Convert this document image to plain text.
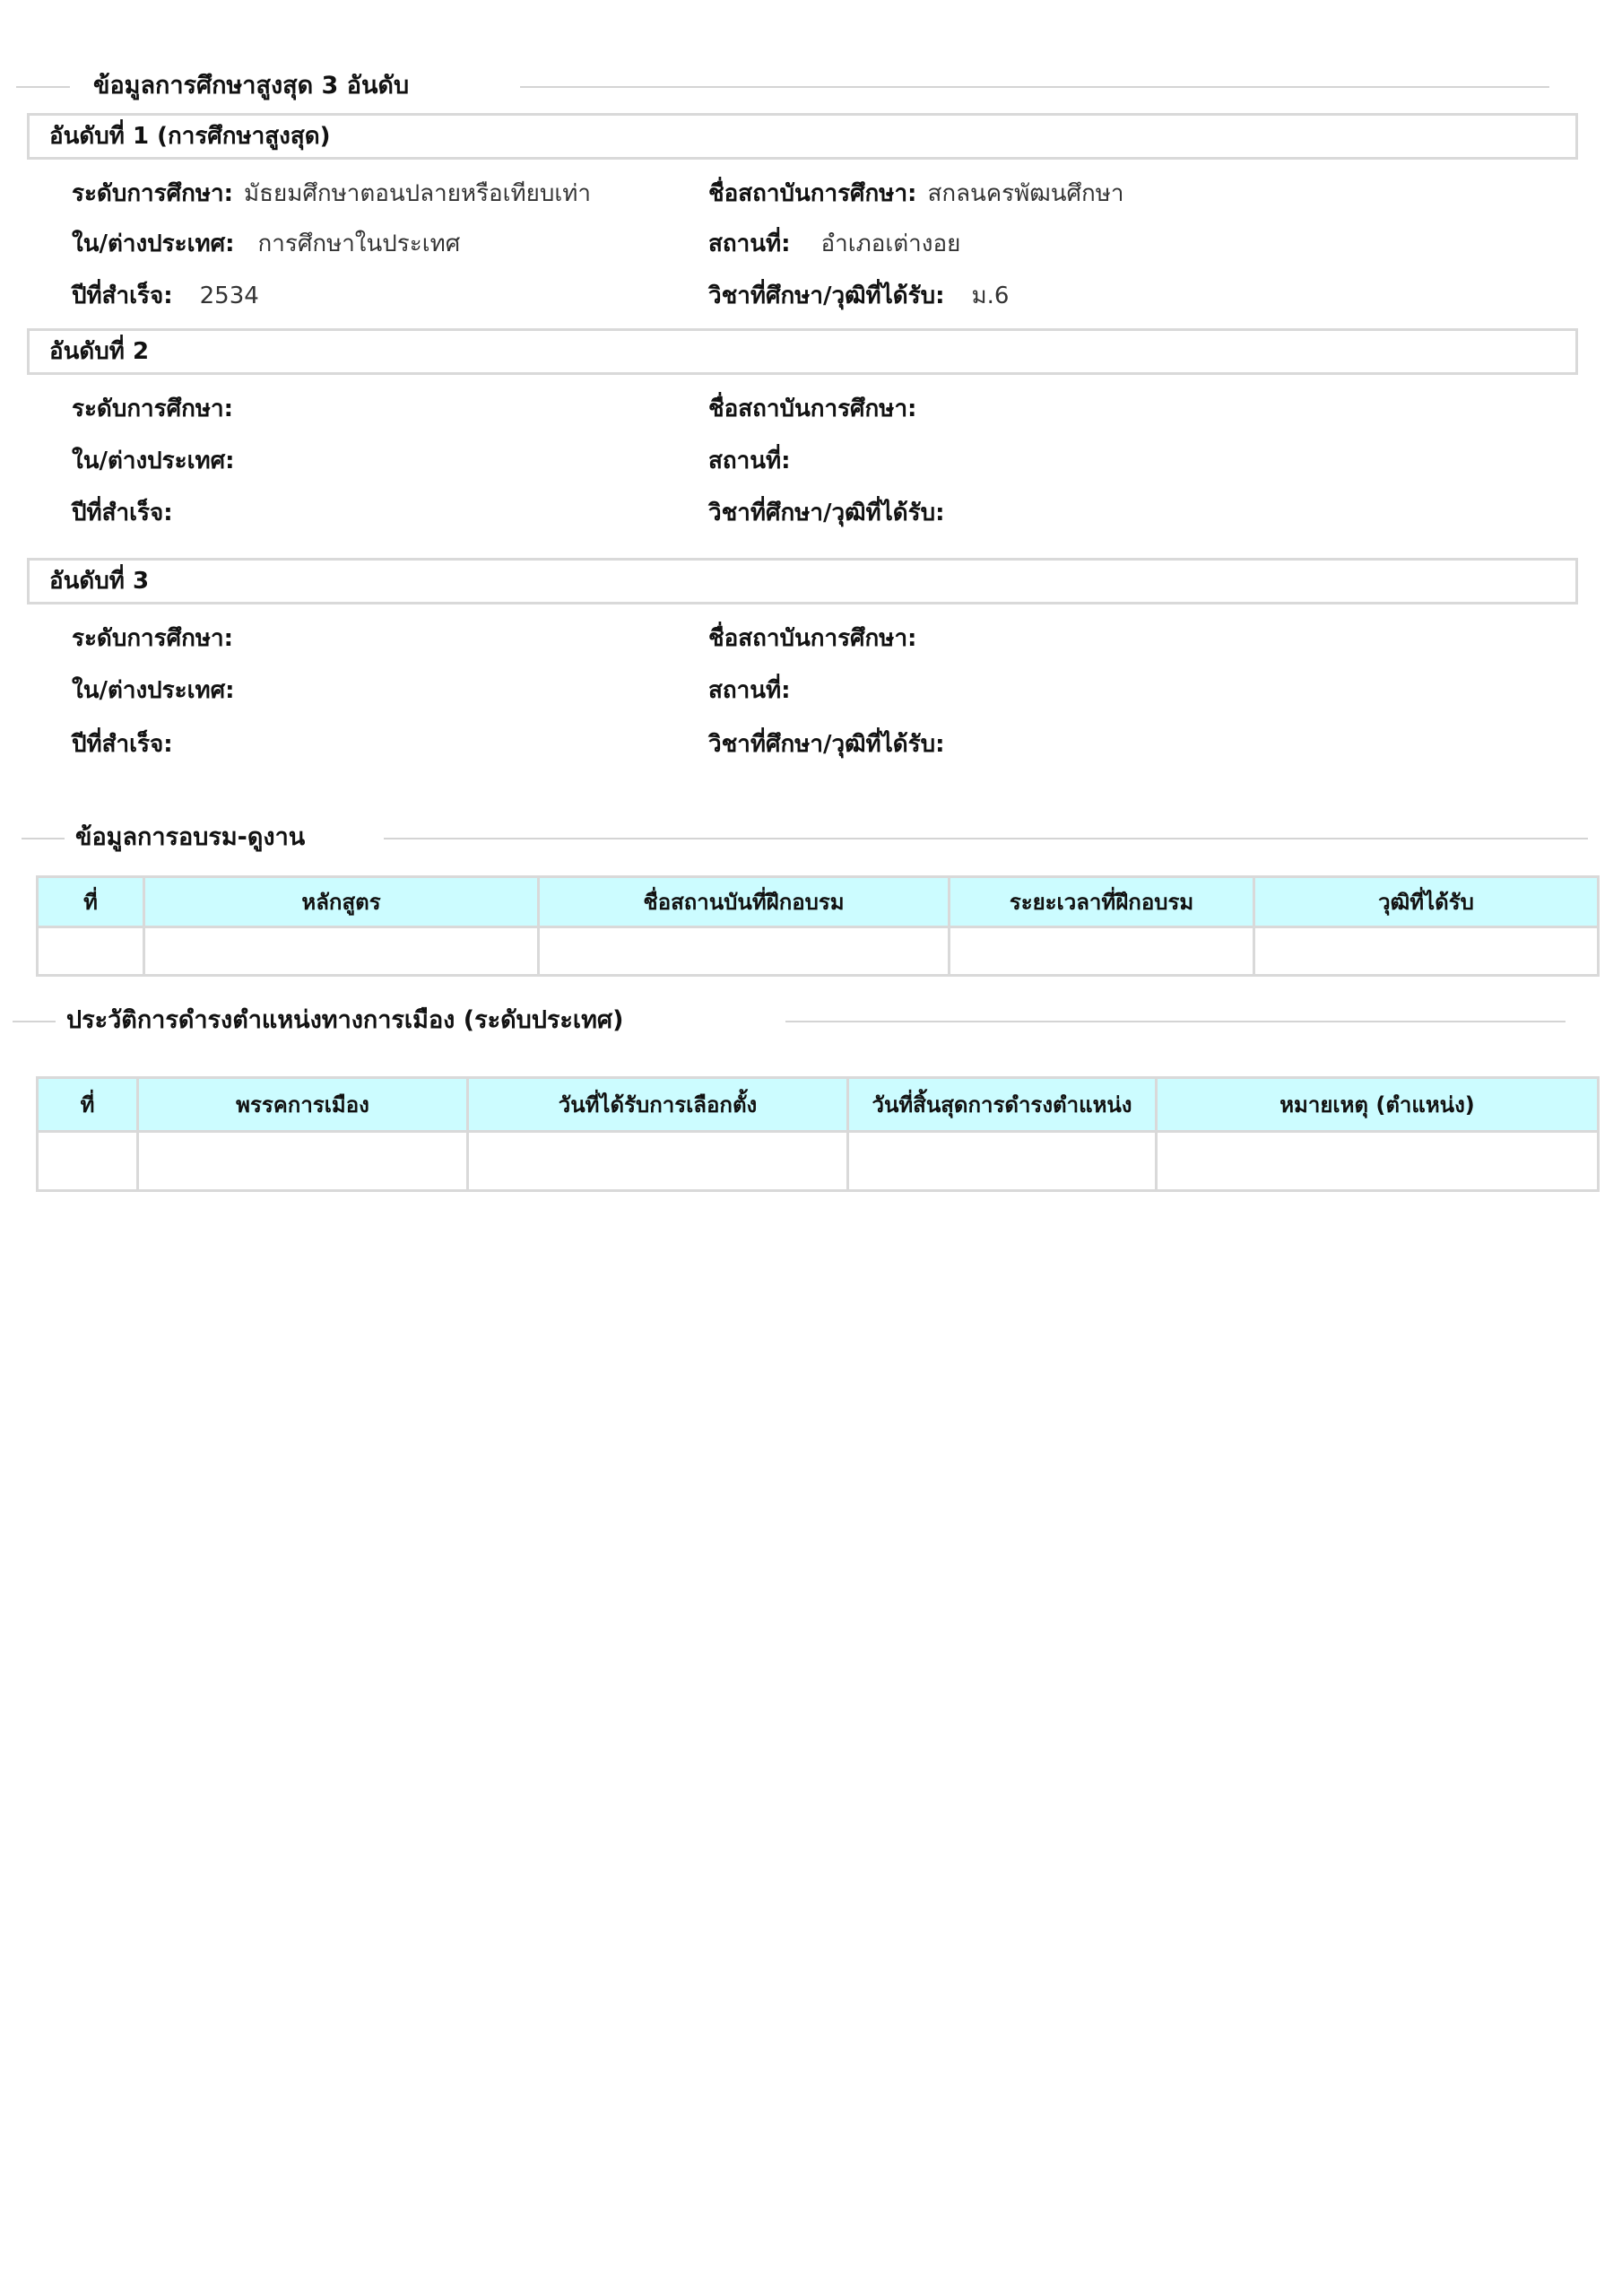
ข้อมูลการศึกษาสูงสุด 3 อันดับ
อันดับที่ 1 (การศึกษาสูงสุด)
ระดับการศึกษา: มัธยมศึกษาตอนปลายหรือเทียบเท่า
ใน/ต่างประเทศ: การศึกษาในประเทศ
ปีที่สำเร็จ: 2534
ชื่อสถาบันการศึกษา: สกลนครพัฒนศึกษา
สถานที่: อำเภอเต่างอย
วิชาที่ศึกษา/วุฒิที่ได้รับ: ม.6
อันดับที่ 2
ระดับการศึกษา:
ใน/ต่างประเทศ:
ปีที่สำเร็จ:
ชื่อสถาบันการศึกษา:
สถานที่:
วิชาที่ศึกษา/วุฒิที่ได้รับ:
อันดับที่ 3
ระดับการศึกษา:
ใน/ต่างประเทศ:
ปีที่สำเร็จ:
ชื่อสถาบันการศึกษา:
สถานที่:
วิชาที่ศึกษา/วุฒิที่ได้รับ:
ข้อมูลการอบรม-ดูงาน
ที่	หลักสูตร	ชื่อสถานบันที่ฝึกอบรม	ระยะเวลาที่ฝึกอบรม	วุฒิที่ได้รับ

ประวัติการดำรงตำแหน่งทางการเมือง (ระดับประเทศ)
ที่	พรรคการเมือง	วันที่ได้รับการเลือกตั้ง	วันที่สิ้นสุดการดำรงตำแหน่ง	หมายเหตุ (ตำแหน่ง)
